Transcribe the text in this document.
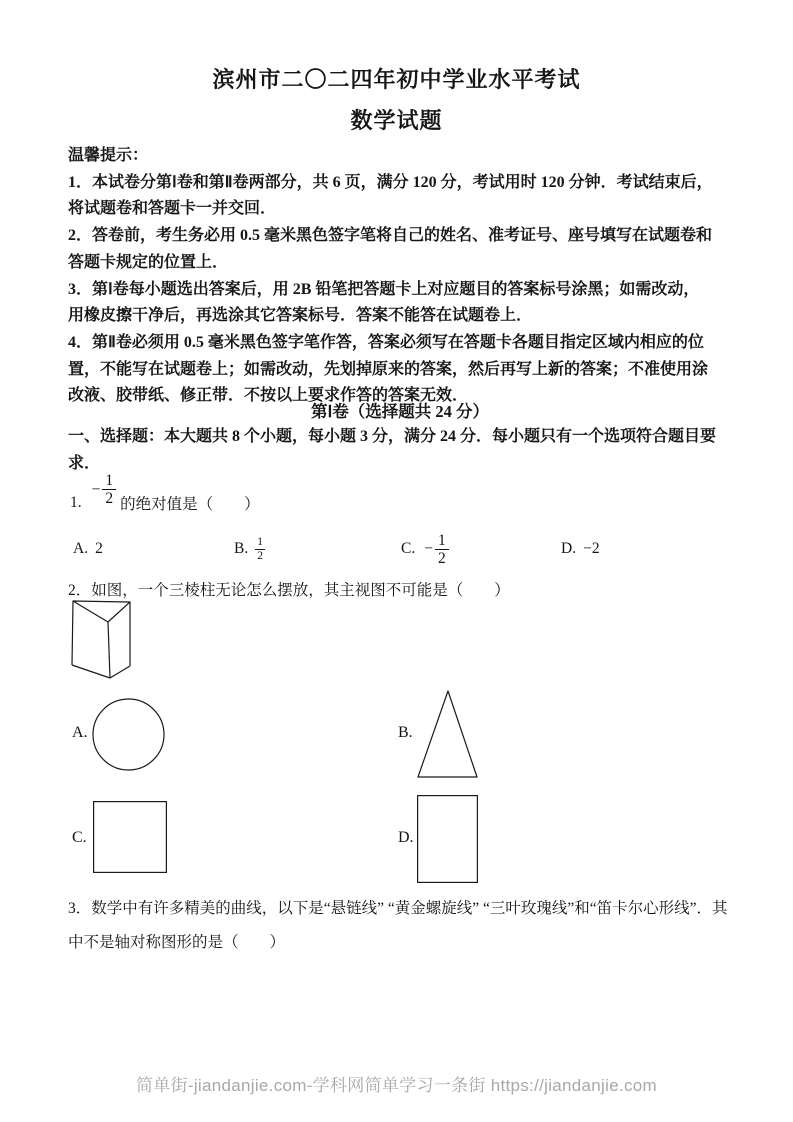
滨州市二〇二四年初中学业水平考试
数学试题
温馨提示：
1．本试卷分第Ⅰ卷和第Ⅱ卷两部分，共 6 页，满分 120 分，考试用时 120 分钟．考试结束后，
将试题卷和答题卡一并交回．
2．答卷前，考生务必用 0.5 毫米黑色签字笔将自己的姓名、准考证号、座号填写在试题卷和
答题卡规定的位置上．
3．第Ⅰ卷每小题选出答案后，用 2B 铅笔把答题卡上对应题目的答案标号涂黑；如需改动，
用橡皮擦干净后，再选涂其它答案标号．答案不能答在试题卷上．
4．第Ⅱ卷必须用 0.5 毫米黑色签字笔作答，答案必须写在答题卡各题目指定区域内相应的位
置，不能写在试题卷上；如需改动，先划掉原来的答案，然后再写上新的答案；不准使用涂
改液、胶带纸、修正带．不按以上要求作答的答案无效．
第Ⅰ卷（选择题共 24 分）
一、选择题：本大题共 8 个小题，每小题 3 分，满分 24 分．每小题只有一个选项符合题目要
求．
1.
− $\frac{1}{2}$ 的绝对值是（　　）
A. 2	B. $\frac{1}{2}$	C. − $\frac{1}{2}$	D. −2
2．如图，一个三棱柱无论怎么摆放，其主视图不可能是（　　）
A.	B.
C.	D.
3．数学中有许多精美的曲线，以下是“悬链线” “黄金螺旋线” “三叶玫瑰线”和“笛卡尔心形线”．其
中不是轴对称图形的是（　　）
简单街-jiandanjie.com-学科网简单学习一条街 https://jiandanjie.com
